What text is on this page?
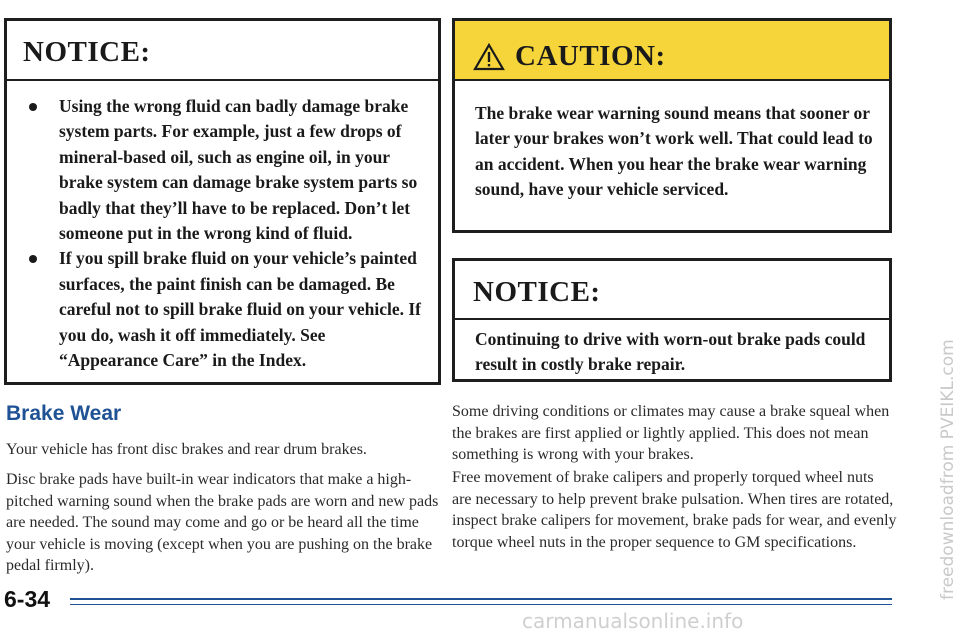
NOTICE:
Using the wrong fluid can badly damage brake system parts. For example, just a few drops of mineral-based oil, such as engine oil, in your brake system can damage brake system parts so badly that they’ll have to be replaced. Don’t let someone put in the wrong kind of fluid.
If you spill brake fluid on your vehicle’s painted surfaces, the paint finish can be damaged. Be careful not to spill brake fluid on your vehicle. If you do, wash it off immediately. See “Appearance Care” in the Index.
CAUTION:
The brake wear warning sound means that sooner or later your brakes won’t work well. That could lead to an accident. When you hear the brake wear warning sound, have your vehicle serviced.
NOTICE:
Continuing to drive with worn-out brake pads could result in costly brake repair.
Brake Wear
Your vehicle has front disc brakes and rear drum brakes.
Disc brake pads have built-in wear indicators that make a high-pitched warning sound when the brake pads are worn and new pads are needed. The sound may come and go or be heard all the time your vehicle is moving (except when you are pushing on the brake pedal firmly).
Some driving conditions or climates may cause a brake squeal when the brakes are first applied or lightly applied. This does not mean something is wrong with your brakes.
Free movement of brake calipers and properly torqued wheel nuts are necessary to help prevent brake pulsation. When tires are rotated, inspect brake calipers for movement, brake pads for wear, and evenly torque wheel nuts in the proper sequence to GM specifications.
6-34	freedownloadfrom PVEIKL.com
carmanualsonline.info
